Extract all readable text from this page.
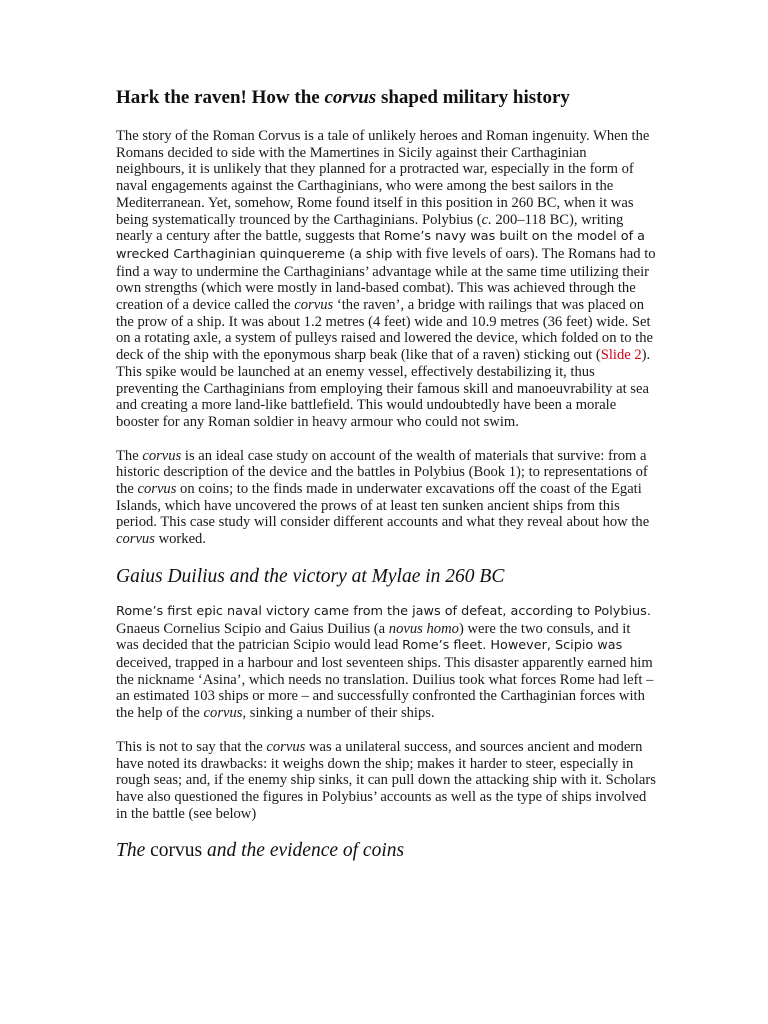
Hark the raven! How the corvus shaped military history

The story of the Roman Corvus is a tale of unlikely heroes and Roman ingenuity. When the Romans decided to side with the Mamertines in Sicily against their Carthaginian neighbours, it is unlikely that they planned for a protracted war, especially in the form of naval engagements against the Carthaginians, who were among the best sailors in the Mediterranean. Yet, somehow, Rome found itself in this position in 260 BC, when it was being systematically trounced by the Carthaginians. Polybius (c. 200–118 BC), writing nearly a century after the battle, suggests that Rome’s navy was built on the model of a wrecked Carthaginian quinquereme (a ship with five levels of oars). The Romans had to find a way to undermine the Carthaginians’ advantage while at the same time utilizing their own strengths (which were mostly in land-based combat). This was achieved through the creation of a device called the corvus ‘the raven’, a bridge with railings that was placed on the prow of a ship. It was about 1.2 metres (4 feet) wide and 10.9 metres (36 feet) wide. Set on a rotating axle, a system of pulleys raised and lowered the device, which folded on to the deck of the ship with the eponymous sharp beak (like that of a raven) sticking out (Slide 2). This spike would be launched at an enemy vessel, effectively destabilizing it, thus preventing the Carthaginians from employing their famous skill and manoeuvrability at sea and creating a more land-like battlefield. This would undoubtedly have been a morale booster for any Roman soldier in heavy armour who could not swim.

The corvus is an ideal case study on account of the wealth of materials that survive: from a historic description of the device and the battles in Polybius (Book 1); to representations of the corvus on coins; to the finds made in underwater excavations off the coast of the Egati Islands, which have uncovered the prows of at least ten sunken ancient ships from this period. This case study will consider different accounts and what they reveal about how the corvus worked.

Gaius Duilius and the victory at Mylae in 260 BC

Rome’s first epic naval victory came from the jaws of defeat, according to Polybius. Gnaeus Cornelius Scipio and Gaius Duilius (a novus homo) were the two consuls, and it was decided that the patrician Scipio would lead Rome’s fleet. However, Scipio was deceived, trapped in a harbour and lost seventeen ships. This disaster apparently earned him the nickname ‘Asina’, which needs no translation. Duilius took what forces Rome had left – an estimated 103 ships or more – and successfully confronted the Carthaginian forces with the help of the corvus, sinking a number of their ships.

This is not to say that the corvus was a unilateral success, and sources ancient and modern have noted its drawbacks: it weighs down the ship; makes it harder to steer, especially in rough seas; and, if the enemy ship sinks, it can pull down the attacking ship with it. Scholars have also questioned the figures in Polybius’ accounts as well as the type of ships involved in the battle (see below)

The corvus and the evidence of coins
